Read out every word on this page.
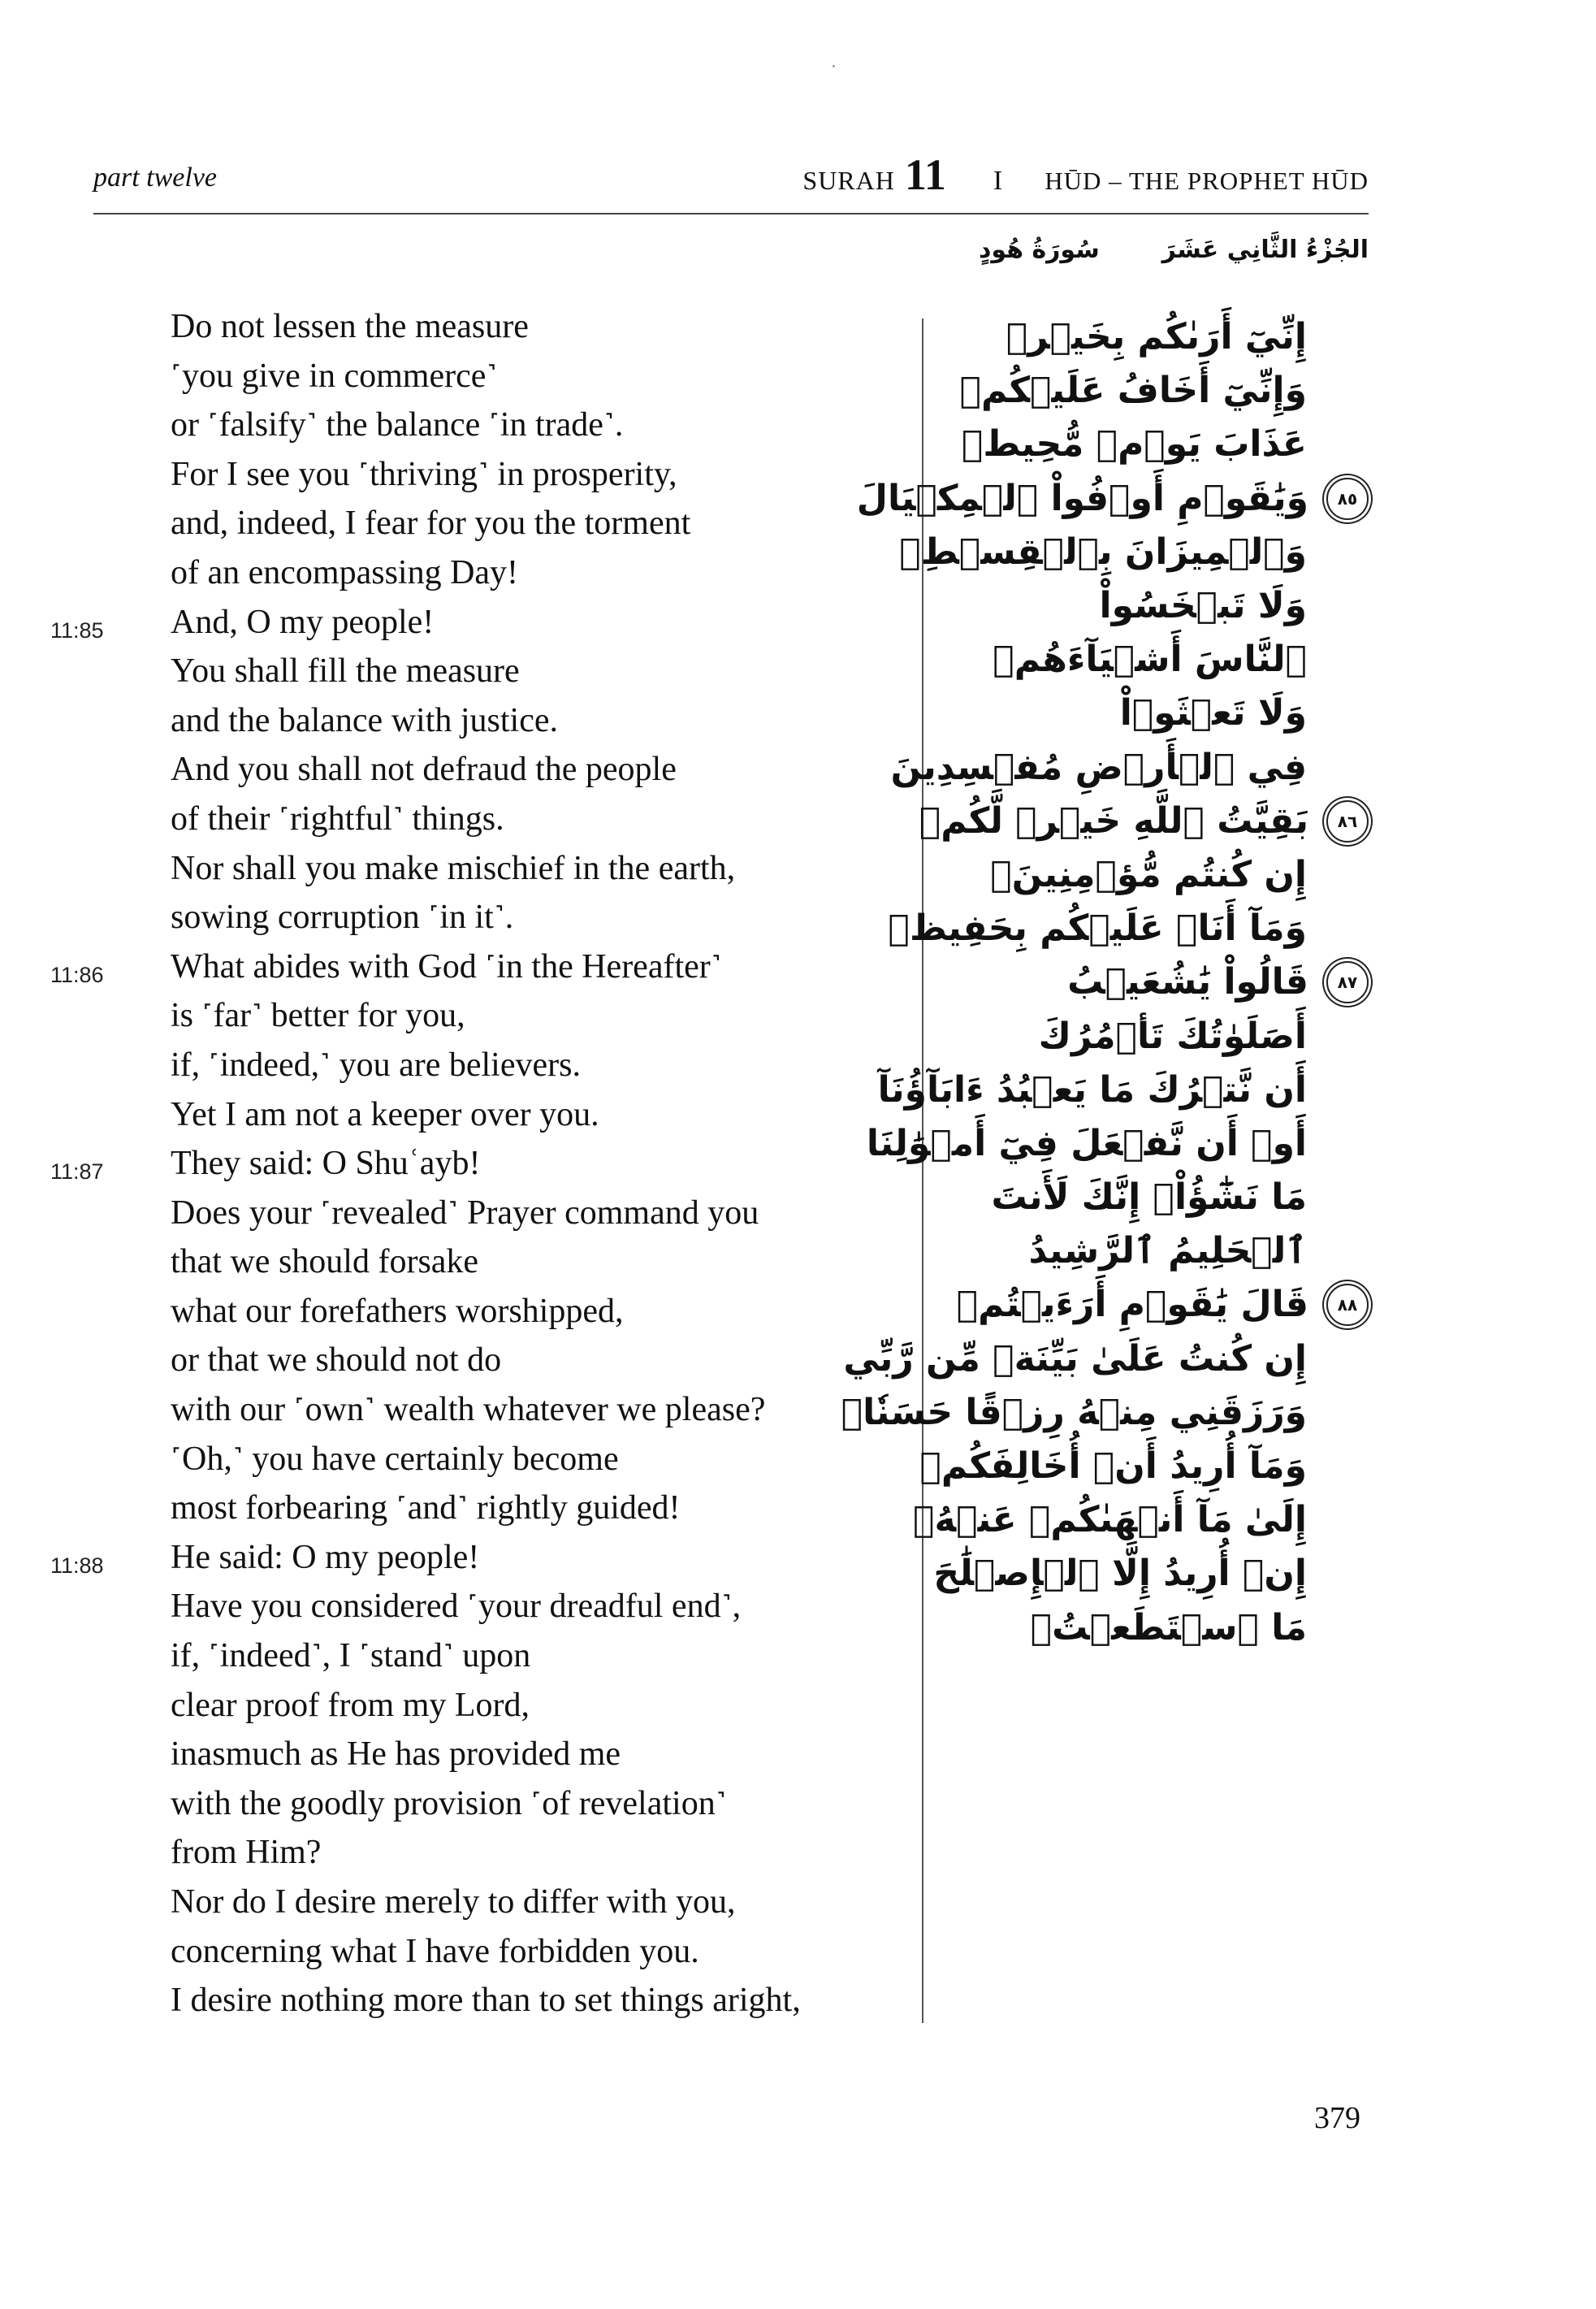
part twelve	SURAH 11 I HŪD – THE PROPHET HŪD
الجُزْءُ الثَّانِي عَشَرَ
سُورَةُ هُودٍ
Do not lessen the measure
˹you give in commerce˺
or ˹falsify˺ the balance ˹in trade˺.
For I see you ˹thriving˺ in prosperity,
and, indeed, I fear for you the torment
of an encompassing Day!
11:85	And, O my people!
You shall fill the measure
and the balance with justice.
And you shall not defraud the people
of their ˹rightful˺ things.
Nor shall you make mischief in the earth,
sowing corruption ˹in it˺.
11:86	What abides with God ˹in the Hereafter˺
is ˹far˺ better for you,
if, ˹indeed,˺ you are believers.
Yet I am not a keeper over you.
11:87	They said: O Shuʿayb!
Does your ˹revealed˺ Prayer command you
that we should forsake
what our forefathers worshipped,
or that we should not do
with our ˹own˺ wealth whatever we please?
˹Oh,˺ you have certainly become
most forbearing ˹and˺ rightly guided!
11:88	He said: O my people!
Have you considered ˹your dreadful end˺,
if, ˹indeed˺, I ˹stand˺ upon
clear proof from my Lord,
inasmuch as He has provided me
with the goodly provision ˹of revelation˺
from Him?
Nor do I desire merely to differ with you,
concerning what I have forbidden you.
I desire nothing more than to set things aright,
إِنِّيٓ أَرَىٰكُم بِخَيۡرٖ
وَإِنِّيٓ أَخَافُ عَلَيۡكُمۡ
عَذَابَ يَوۡمٖ مُّحِيطٖ
٨٥
وَيَٰقَوۡمِ أَوۡفُواْ ٱلۡمِكۡيَالَ
وَٱلۡمِيزَانَ بِٱلۡقِسۡطِۖ
وَلَا تَبۡخَسُواْ
ٱلنَّاسَ أَشۡيَآءَهُمۡ
وَلَا تَعۡثَوۡاْ
فِي ٱلۡأَرۡضِ مُفۡسِدِينَ
٨٦
بَقِيَّتُ ٱللَّهِ خَيۡرٞ لَّكُمۡ
إِن كُنتُم مُّؤۡمِنِينَۚ
وَمَآ أَنَا۠ عَلَيۡكُم بِحَفِيظٖ
٨٧
قَالُواْ يَٰشُعَيۡبُ
أَصَلَوٰتُكَ تَأۡمُرُكَ
أَن نَّتۡرُكَ مَا يَعۡبُدُ ءَابَآؤُنَآ
أَوۡ أَن نَّفۡعَلَ فِيٓ أَمۡوَٰلِنَا
مَا نَشَٰٓؤُاْۖ إِنَّكَ لَأَنتَ
ٱلۡحَلِيمُ ٱلرَّشِيدُ
٨٨
قَالَ يَٰقَوۡمِ أَرَءَيۡتُمۡ
إِن كُنتُ عَلَىٰ بَيِّنَةٖ مِّن رَّبِّي
وَرَزَقَنِي مِنۡهُ رِزۡقًا حَسَنٗاۚ
وَمَآ أُرِيدُ أَنۡ أُخَالِفَكُمۡ
إِلَىٰ مَآ أَنۡهَىٰكُمۡ عَنۡهُۚ
إِنۡ أُرِيدُ إِلَّا ٱلۡإِصۡلَٰحَ
مَا ٱسۡتَطَعۡتُۚ
379
